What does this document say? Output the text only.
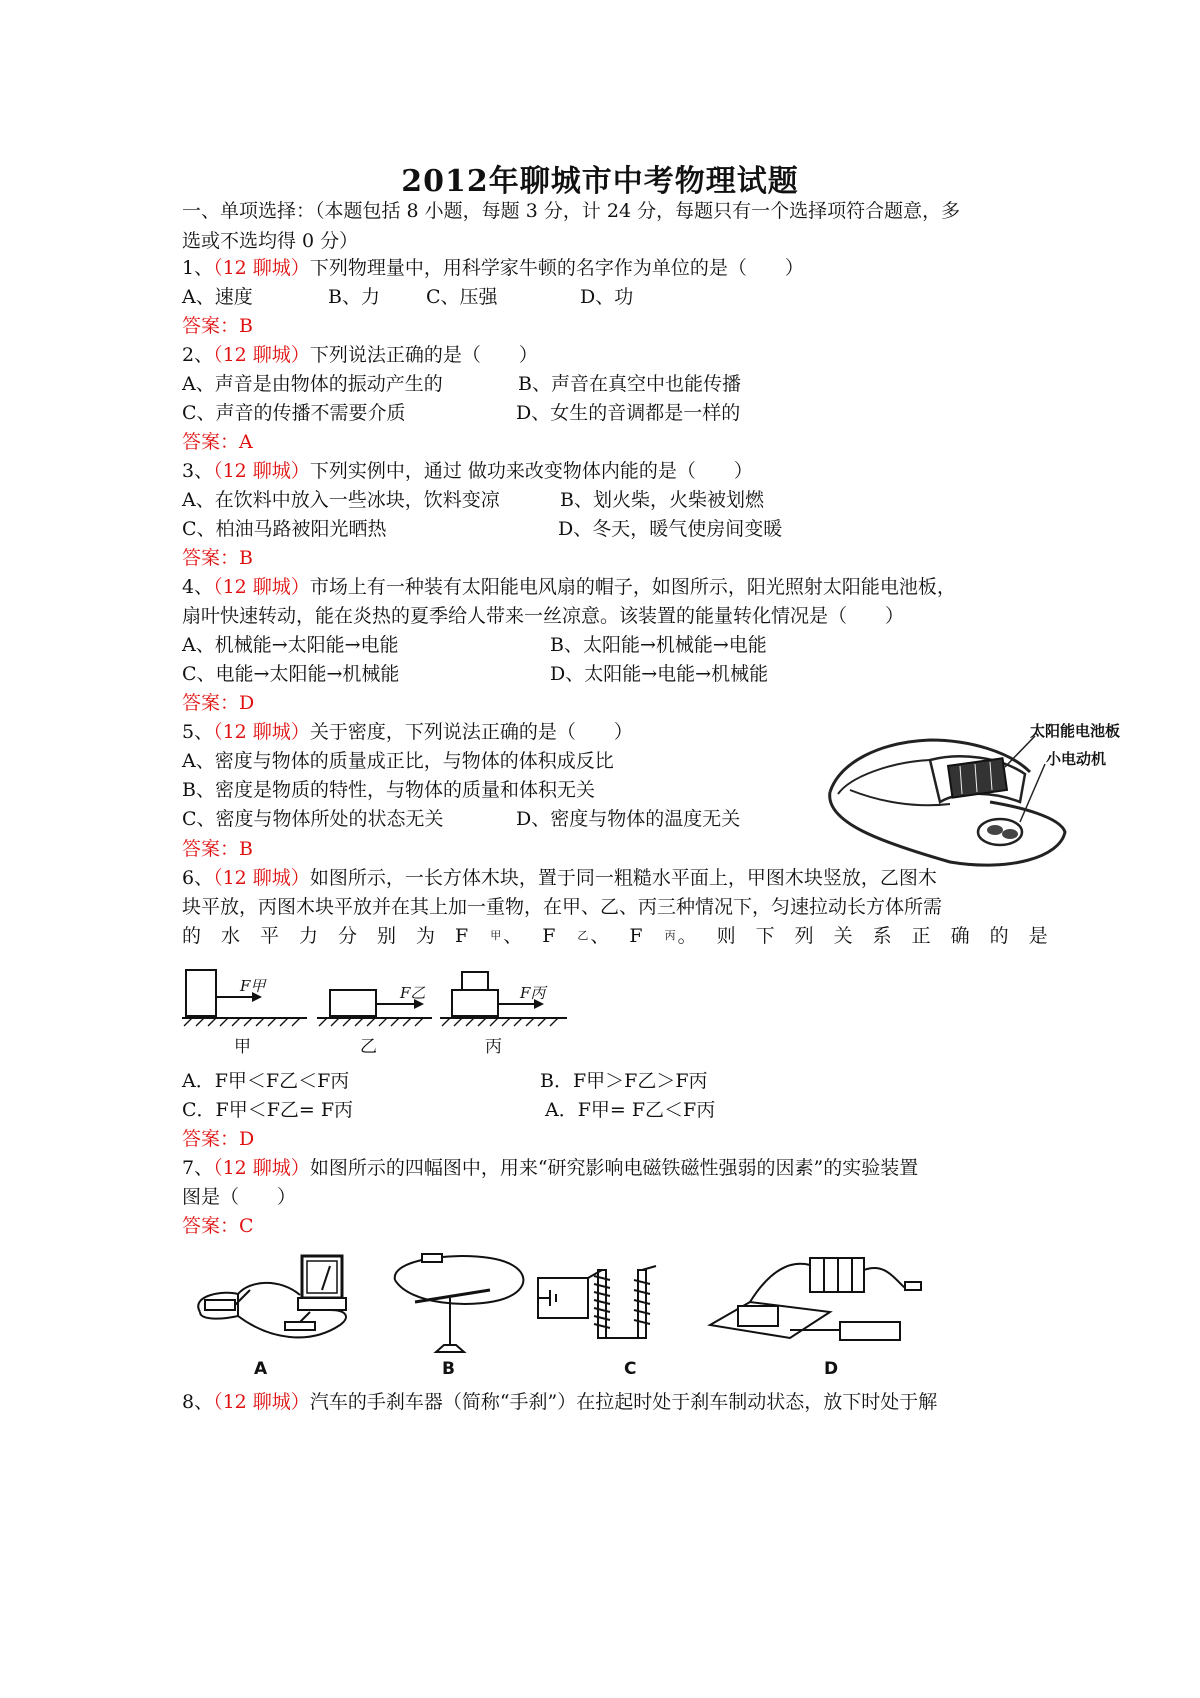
2012年聊城市中考物理试题
一、单项选择：（本题包括 8 小题，每题 3 分，计 24 分，每题只有一个选择项符合题意，多
选或不选均得 0 分）
1、（12 聊城）下列物理量中，用科学家牛顿的名字作为单位的是（　　）
A、速度	B、力 C、压强	D、功
答案：B
2、（12 聊城）下列说法正确的是（　　）
A、声音是由物体的振动产生的	B、声音在真空中也能传播
C、声音的传播不需要介质	D、女生的音调都是一样的
答案：A
3、（12 聊城）下列实例中，通过 做功来改变物体内能的是（　　）
A、在饮料中放入一些冰块，饮料变凉	B、划火柴，火柴被划燃
C、柏油马路被阳光晒热	D、冬天，暖气使房间变暖
答案：B
4、（12 聊城）市场上有一种装有太阳能电风扇的帽子，如图所示，阳光照射太阳能电池板，
扇叶快速转动，能在炎热的夏季给人带来一丝凉意。该装置的能量转化情况是（　　）
A、机械能→太阳能→电能	B、太阳能→机械能→电能
C、电能→太阳能→机械能	D、太阳能→电能→机械能
答案：D
太阳能电池板
小电动机
5、（12 聊城）关于密度，下列说法正确的是（　　）
A、密度与物体的质量成正比，与物体的体积成反比
B、密度是物质的特性，与物体的质量和体积无关
C、密度与物体所处的状态无关	D、密度与物体的温度无关
答案：B
6、（12 聊城）如图所示，一长方体木块，置于同一粗糙水平面上，甲图木块竖放，乙图木
块平放，丙图木块平放并在其上加一重物，在甲、乙、丙三种情况下，匀速拉动长方体所需
的水平力分别为F 甲 、F 乙 、F 丙 。则下列关系正确的是
F甲
甲
F乙
乙
F丙
丙
A．F甲＜F乙＜F丙	B．F甲＞F乙＞F丙
C．F甲＜F乙= F丙	A．F甲= F乙＜F丙
答案：D
7、（12 聊城）如图所示的四幅图中，用来“研究影响电磁铁磁性强弱的因素”的实验装置
图是（　　）
答案：C
A	B	C	D
8、（12 聊城）汽车的手刹车器（简称“手刹”）在拉起时处于刹车制动状态，放下时处于解
